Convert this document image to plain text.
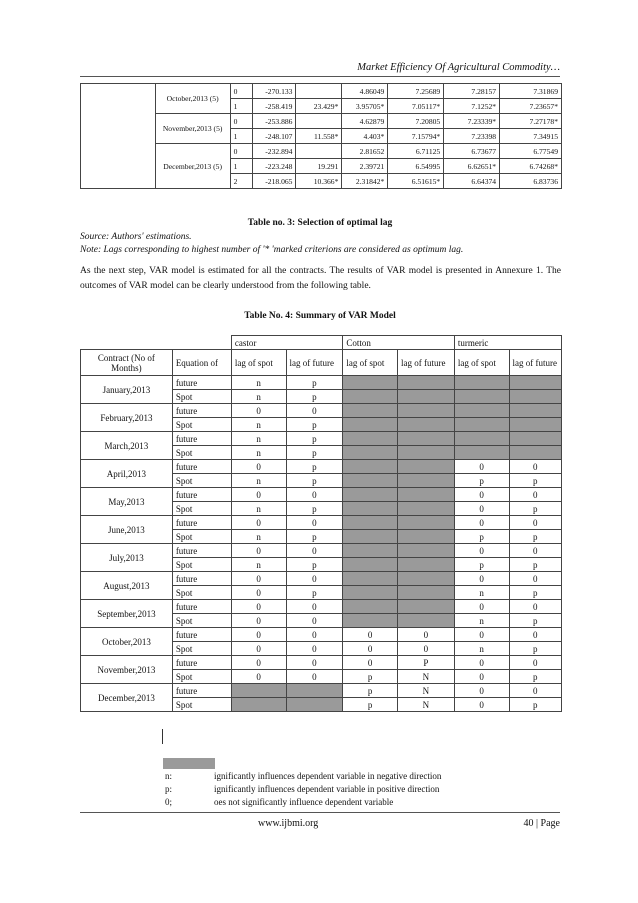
Market Efficiency Of Agricultural Commodity…
	October,2013 (5)	0	-270.133		4.86049	7.25689	7.28157	7.31869
		1	-258.419	23.429*	3.95705*	7.05117*	7.1252*	7.23657*
	November,2013 (5)	0	-253.886		4.62879	7.20805	7.23339*	7.27178*
		1	-248.107	11.558*	4.403*	7.15794*	7.23398	7.34915
	December,2013 (5)	0	-232.894		2.81652	6.71125	6.73677	6.77549
		1	-223.248	19.291	2.39721	6.54995	6.62651*	6.74268*
		2	-218.065	10.366*	2.31842*	6.51615*	6.64374	6.83736
Table no. 3: Selection of optimal lag
Source: Authors' estimations.
Note: Lags corresponding to highest number of '* 'marked criterions are considered as optimum lag.
As the next step, VAR model is estimated for all the contracts. The results of VAR model is presented in Annexure 1. The outcomes of VAR model can be clearly understood from the following table.
Table No. 4: Summary of VAR Model
		castor		Cotton		turmeric	
Contract (No of Months)	Equation of	lag of spot	lag of future	lag of spot	lag of future	lag of spot	lag of future
January,2013	future	n	p				
	Spot	n	p				
February,2013	future	0	0				
	Spot	n	p				
March,2013	future	n	p				
	Spot	n	p				
April,2013	future	0	p			0	0
	Spot	n	p			p	p
May,2013	future	0	0			0	0
	Spot	n	p			0	p
June,2013	future	0	0			0	0
	Spot	n	p			p	p
July,2013	future	0	0			0	0
	Spot	n	p			p	p
August,2013	future	0	0			0	0
	Spot	0	p			n	p
September,2013	future	0	0			0	0
	Spot	0	0			n	p
October,2013	future	0	0	0	0	0	0
	Spot	0	0	0	0	n	p
November,2013	future	0	0	0	P	0	0
	Spot	0	0	p	N	0	p
December,2013	future			p	N	0	0
	Spot			p	N	0	p
n:	ignificantly influences dependent variable in negative direction
p:	ignificantly influences dependent variable in positive direction
0;	oes not significantly influence dependent variable
www.ijbmi.org	40 | Page
